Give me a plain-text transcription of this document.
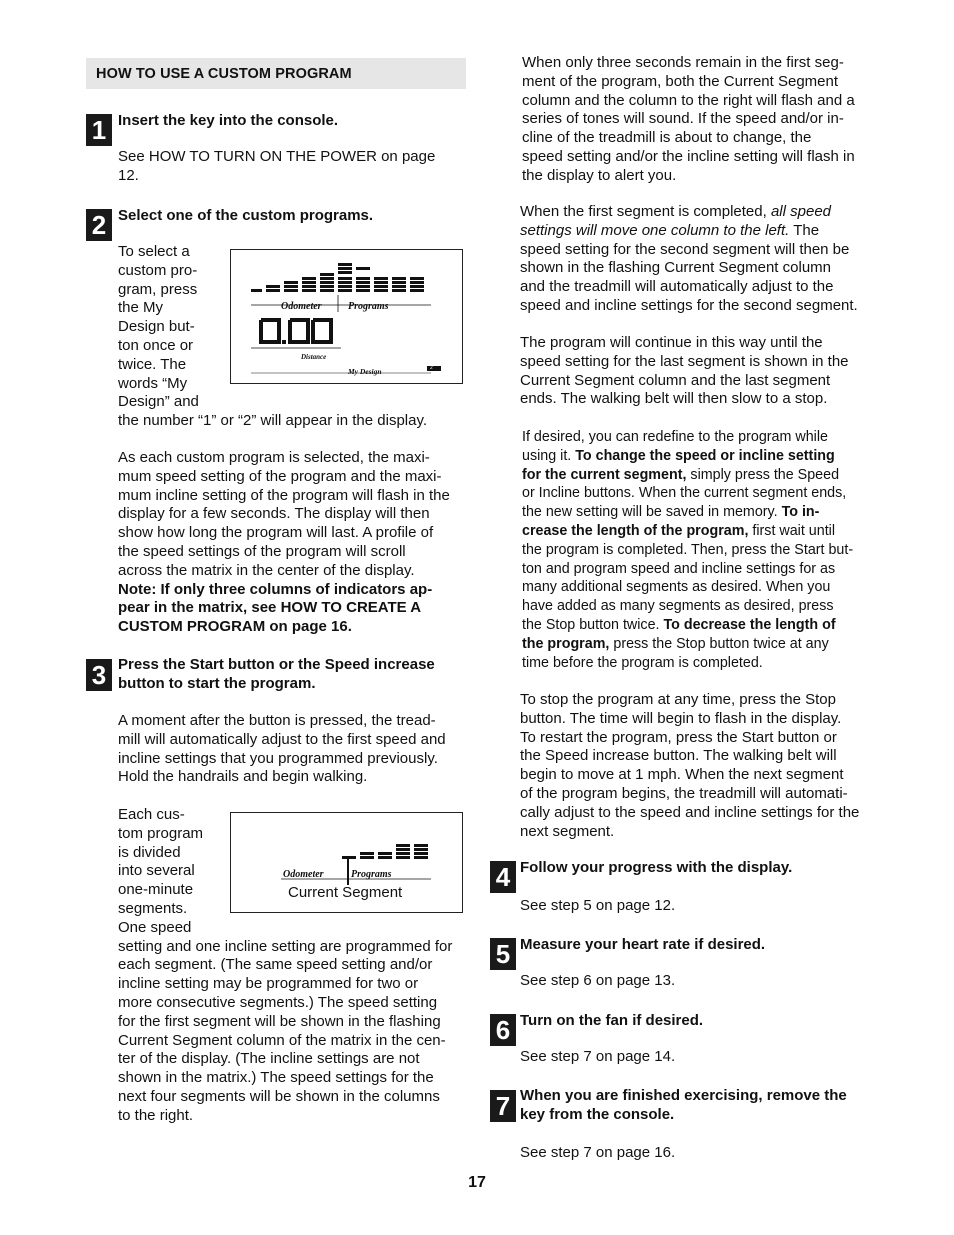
HOW TO USE A CUSTOM PROGRAM
1 Insert the key into the console.

See HOW TO TURN ON THE POWER on page 12.

2 Select one of the custom programs.

To select a

custom pro-

gram, press

the My

Design but-

ton once or

twice. The

words “My

Design” and

the number “1” or “2” will appear in the display.

Odometer	Programs
Distance
My Design	2

As each custom program is selected, the maxi-

mum speed setting of the program and the maxi-

mum incline setting of the program will flash in the

display for a few seconds. The display will then

show how long the program will last. A profile of

the speed settings of the program will scroll

across the matrix in the center of the display.

Note: If only three columns of indicators ap-

pear in the matrix, see HOW TO CREATE A

CUSTOM PROGRAM on page 16.

3 Press the Start button or the Speed increase

button to start the program.

A moment after the button is pressed, the tread-

mill will automatically adjust to the first speed and

incline settings that you programmed previously.

Hold the handrails and begin walking.

Each cus-

tom program

is divided

into several

one-minute

segments.

One speed

setting and one incline setting are programmed for

each segment. (The same speed setting and/or

incline setting may be programmed for two or

more consecutive segments.) The speed setting

for the first segment will be shown in the flashing

Current Segment column of the matrix in the cen-

ter of the display. (The incline settings are not

shown in the matrix.) The speed settings for the

next four segments will be shown in the columns

to the right.

Odometer	Programs
Current Segment

When only three seconds remain in the first seg-

ment of the program, both the Current Segment

column and the column to the right will flash and a

series of tones will sound. If the speed and/or in-

cline of the treadmill is about to change, the

speed setting and/or the incline setting will flash in

the display to alert you.

When the first segment is completed, all speed

settings will move one column to the left. The

speed setting for the second segment will then be

shown in the flashing Current Segment column

and the treadmill will automatically adjust to the

speed and incline settings for the second segment.

The program will continue in this way until the

speed setting for the last segment is shown in the

Current Segment column and the last segment

ends. The walking belt will then slow to a stop.

If desired, you can redefine to the program while

using it. To change the speed or incline setting

for the current segment, simply press the Speed

or Incline buttons. When the current segment ends,

the new setting will be saved in memory. To in-

crease the length of the program, first wait until

the program is completed. Then, press the Start but-

ton and program speed and incline settings for as

many additional segments as desired. When you

have added as many segments as desired, press

the Stop button twice. To decrease the length of

the program, press the Stop button twice at any

time before the program is completed.

To stop the program at any time, press the Stop

button. The time will begin to flash in the display.

To restart the program, press the Start button or

the Speed increase button. The walking belt will

begin to move at 1 mph. When the next segment

of the program begins, the treadmill will automati-

cally adjust to the speed and incline settings for the

next segment.

4 Follow your progress with the display.

See step 5 on page 12.

5 Measure your heart rate if desired.

See step 6 on page 13.

6 Turn on the fan if desired.

See step 7 on page 14.

7 When you are finished exercising, remove the

key from the console.

See step 7 on page 16.

17
